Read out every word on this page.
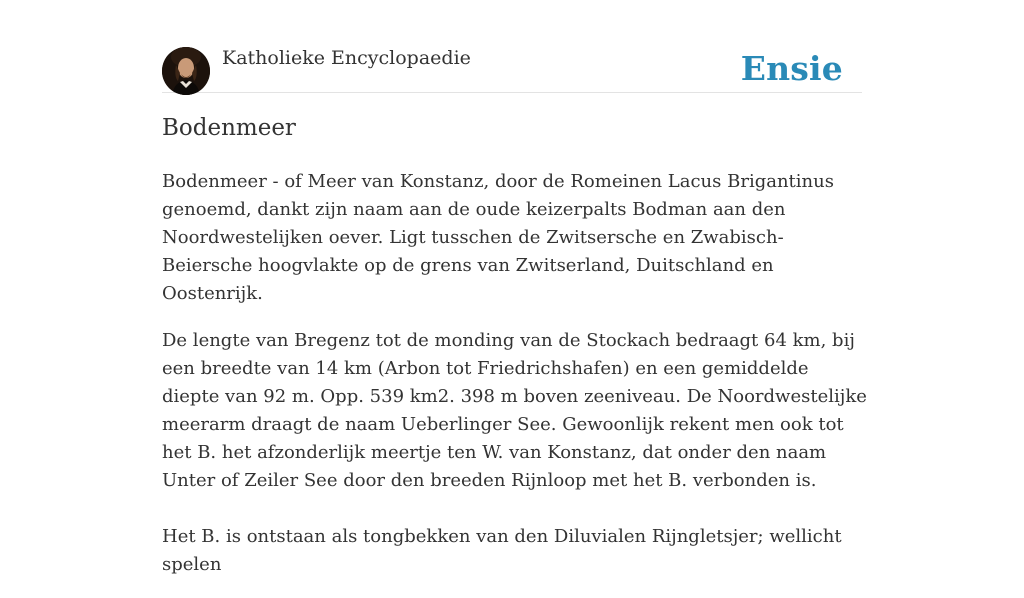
Katholieke Encyclopaedie	Ensie
Bodenmeer

Bodenmeer - of Meer van Konstanz, door de Romeinen Lacus Brigantinus genoemd, dankt zijn naam aan de oude keizerpalts Bodman aan den Noordwestelijken oever. Ligt tusschen de Zwitsersche en Zwabisch-Beiersche hoogvlakte op de grens van Zwitserland, Duitschland en Oostenrijk.

De lengte van Bregenz tot de monding van de Stockach bedraagt 64 km, bij een breedte van 14 km (Arbon tot Friedrichshafen) en een gemiddelde diepte van 92 m. Opp. 539 km2. 398 m boven zeeniveau. De Noordwestelijke meerarm draagt de naam Ueberlinger See. Gewoonlijk rekent men ook tot het B. het afzonderlijk meertje ten W. van Konstanz, dat onder den naam Unter of Zeiler See door den breeden Rijnloop met het B. verbonden is.

Het B. is ontstaan als tongbekken van den Diluvialen Rijngletsjer; wellicht spelen
